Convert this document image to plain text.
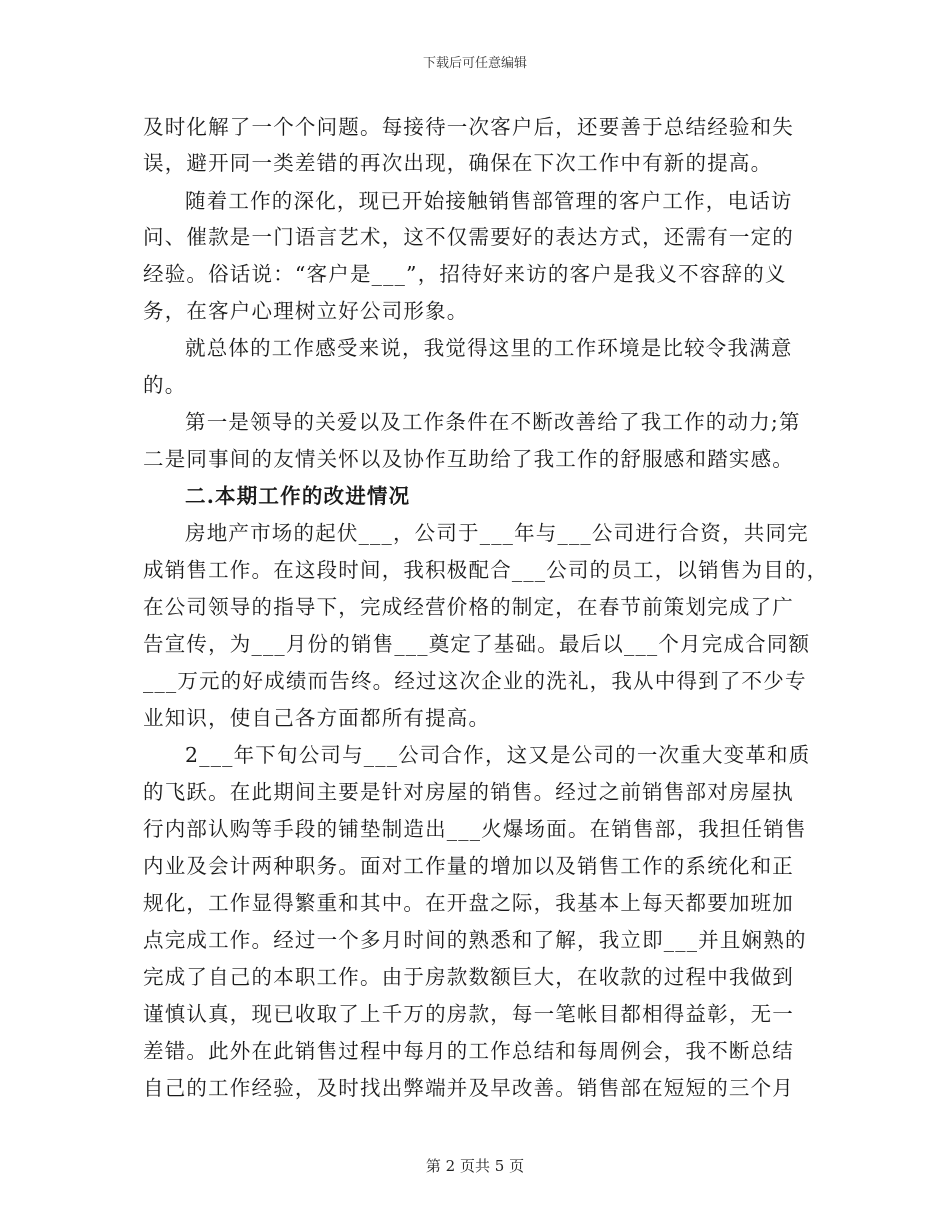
下载后可任意编辑
及时化解了一个个问题。每接待一次客户后，还要善于总结经验和失
误，避开同一类差错的再次出现，确保在下次工作中有新的提高。
随着工作的深化，现已开始接触销售部管理的客户工作，电话访
问、催款是一门语言艺术，这不仅需要好的表达方式，还需有一定的
经验。俗话说：“客户是___”，招待好来访的客户是我义不容辞的义
务，在客户心理树立好公司形象。
就总体的工作感受来说，我觉得这里的工作环境是比较令我满意
的。
第一是领导的关爱以及工作条件在不断改善给了我工作的动力;第
二是同事间的友情关怀以及协作互助给了我工作的舒服感和踏实感。
二.本期工作的改进情况
房地产市场的起伏___，公司于___年与___公司进行合资，共同完
成销售工作。在这段时间，我积极配合___公司的员工，以销售为目的，
在公司领导的指导下，完成经营价格的制定，在春节前策划完成了广
告宣传，为___月份的销售___奠定了基础。最后以___个月完成合同额
___万元的好成绩而告终。经过这次企业的洗礼，我从中得到了不少专
业知识，使自己各方面都所有提高。
2___年下旬公司与___公司合作，这又是公司的一次重大变革和质
的飞跃。在此期间主要是针对房屋的销售。经过之前销售部对房屋执
行内部认购等手段的铺垫制造出___火爆场面。在销售部，我担任销售
内业及会计两种职务。面对工作量的增加以及销售工作的系统化和正
规化，工作显得繁重和其中。在开盘之际，我基本上每天都要加班加
点完成工作。经过一个多月时间的熟悉和了解，我立即___并且娴熟的
完成了自己的本职工作。由于房款数额巨大，在收款的过程中我做到
谨慎认真，现已收取了上千万的房款，每一笔帐目都相得益彰，无一
差错。此外在此销售过程中每月的工作总结和每周例会，我不断总结
自己的工作经验，及时找出弊端并及早改善。销售部在短短的三个月
第 2 页共 5 页
